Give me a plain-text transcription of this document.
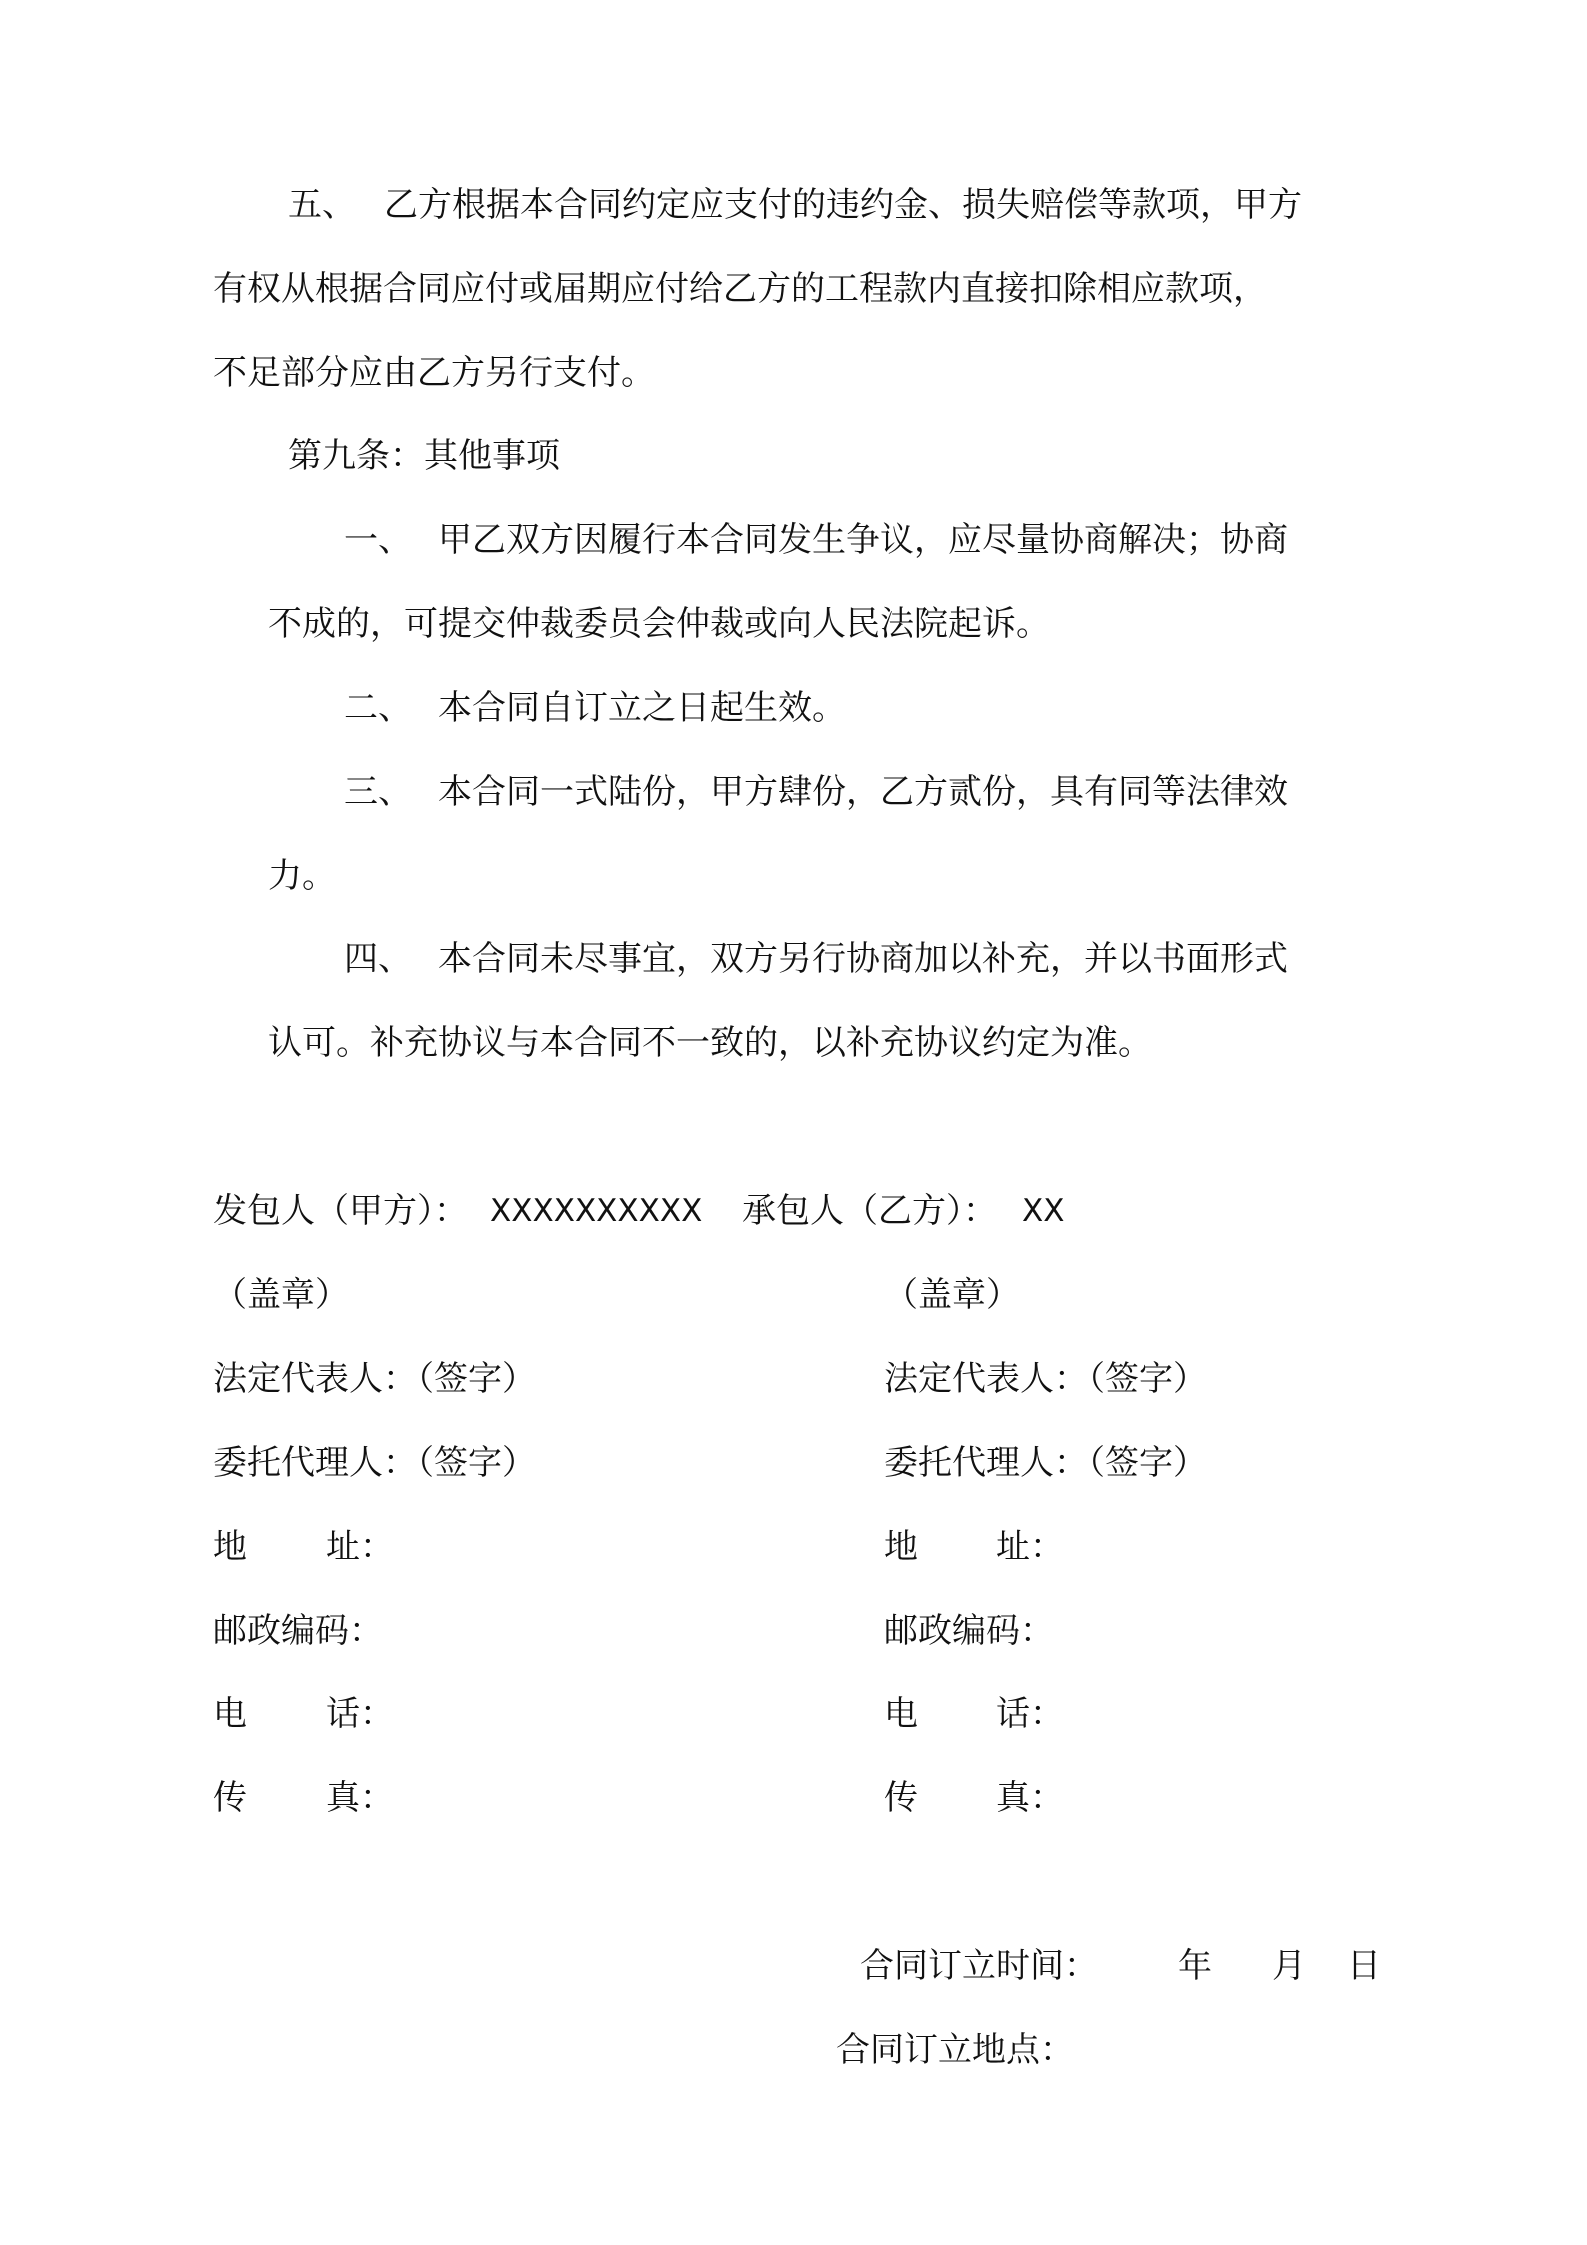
五、 乙方根据本合同约定应支付的违约金、损失赔偿等款项，甲方
有权从根据合同应付或届期应付给乙方的工程款内直接扣除相应款项，
不足部分应由乙方另行支付。
第九条：其他事项
一、 甲乙双方因履行本合同发生争议，应尽量协商解决；协商
不成的，可提交仲裁委员会仲裁或向人民法院起诉。
二、 本合同自订立之日起生效。
三、 本合同一式陆份，甲方肆份，乙方贰份，具有同等法律效
力。
四、 本合同未尽事宜，双方另行协商加以补充，并以书面形式
认可。补充协议与本合同不一致的，以补充协议约定为准。
发包人（甲方）： XXXXXXXXXX
（盖章）
法定代表人：（签字）
委托代理人：（签字）
地 址：
邮政编码：
电 话：
传 真：
承包人（乙方）： XX
（盖章）
法定代表人：（签字）
委托代理人：（签字）
地 址：
邮政编码：
电 话：
传 真：
合同订立时间： 年 月 日
合同订立地点：
